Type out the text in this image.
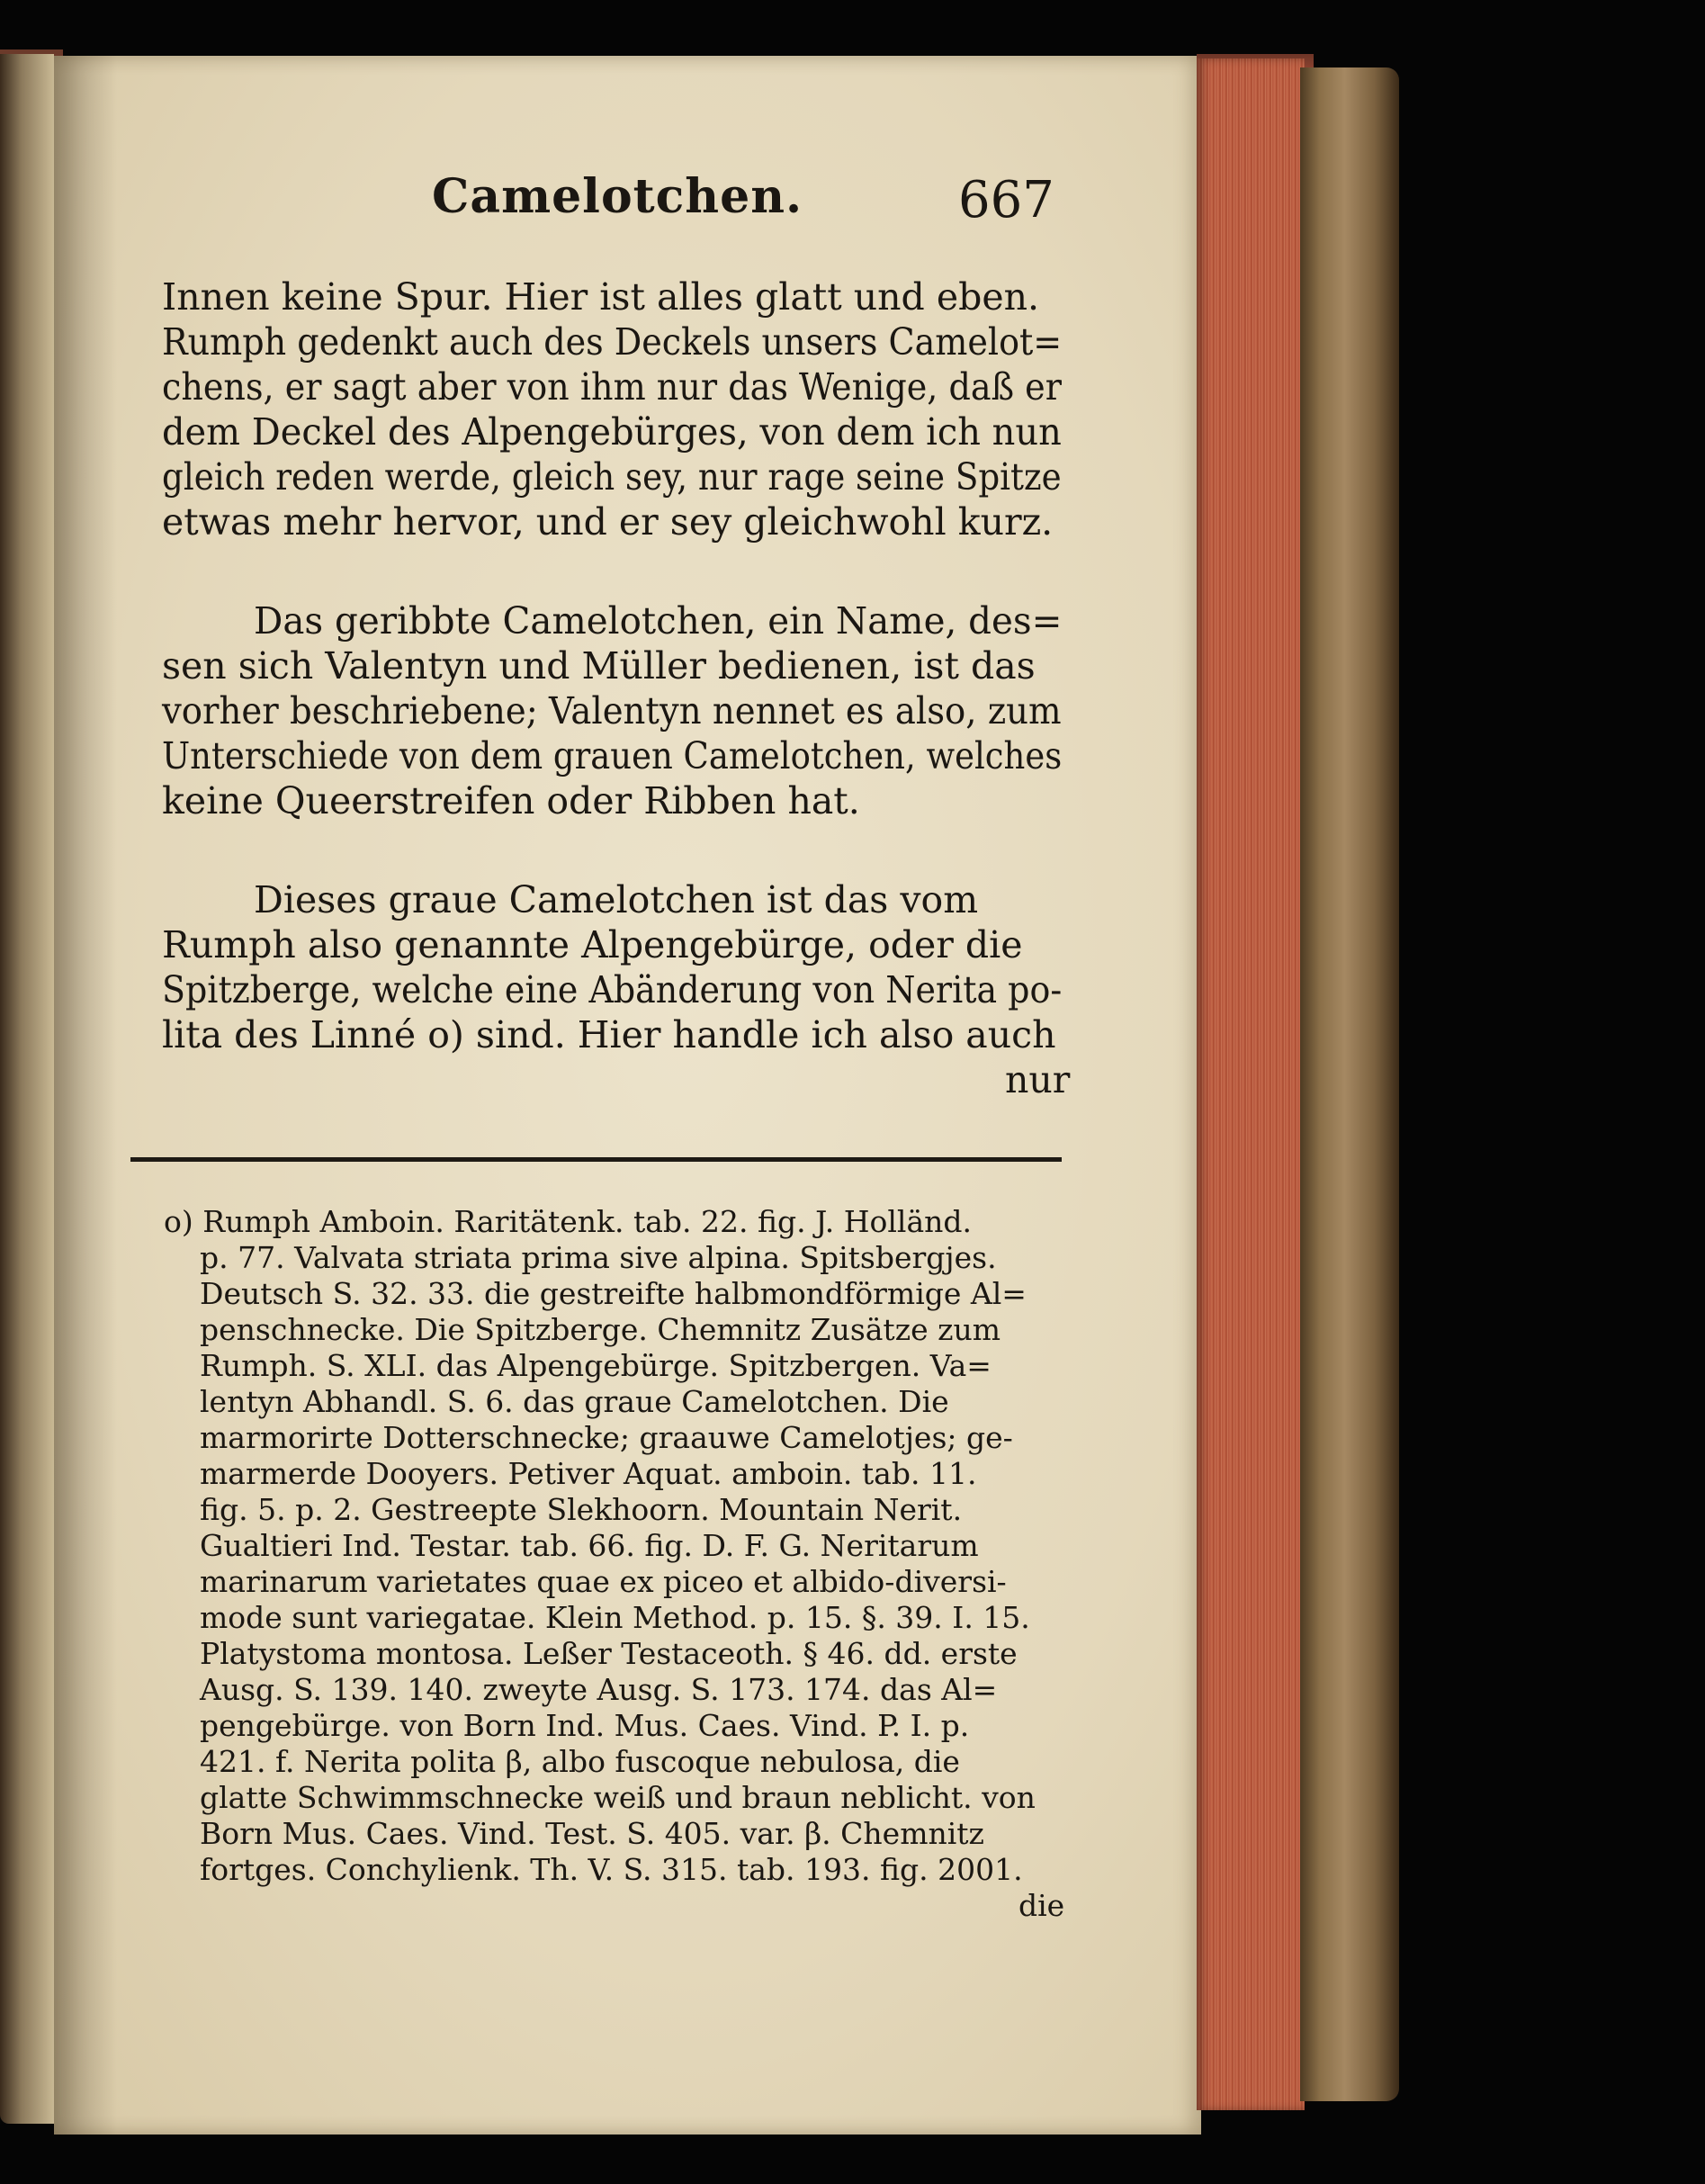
Camelotchen.	667
Innen keine Spur. Hier ist alles glatt und eben.
Rumph gedenkt auch des Deckels unsers Camelot=
chens, er sagt aber von ihm nur das Wenige, daß er
dem Deckel des Alpengebürges, von dem ich nun
gleich reden werde, gleich sey, nur rage seine Spitze
etwas mehr hervor, und er sey gleichwohl kurz.
Das geribbte Camelotchen, ein Name, des=
sen sich Valentyn und Müller bedienen, ist das
vorher beschriebene; Valentyn nennet es also, zum
Unterschiede von dem grauen Camelotchen, welches
keine Queerstreifen oder Ribben hat.
Dieses graue Camelotchen ist das vom
Rumph also genannte Alpengebürge, oder die
Spitzberge, welche eine Abänderung von Nerita po-
lita des Linné o) sind. Hier handle ich also auch
nur
o) Rumph Amboin. Raritätenk. tab. 22. fig. J. Holländ.
p. 77. Valvata striata prima sive alpina. Spitsbergjes.
Deutsch S. 32. 33. die gestreifte halbmondförmige Al=
penschnecke. Die Spitzberge. Chemnitz Zusätze zum
Rumph. S. XLI. das Alpengebürge. Spitzbergen. Va=
lentyn Abhandl. S. 6. das graue Camelotchen. Die
marmorirte Dotterschnecke; graauwe Camelotjes; ge-
marmerde Dooyers. Petiver Aquat. amboin. tab. 11.
fig. 5. p. 2. Gestreepte Slekhoorn. Mountain Nerit.
Gualtieri Ind. Testar. tab. 66. fig. D. F. G. Neritarum
marinarum varietates quae ex piceo et albido-diversi-
mode sunt variegatae. Klein Method. p. 15. §. 39. I. 15.
Platystoma montosa. Leßer Testaceoth. § 46. dd. erste
Ausg. S. 139. 140. zweyte Ausg. S. 173. 174. das Al=
pengebürge. von Born Ind. Mus. Caes. Vind. P. I. p.
421. f. Nerita polita β, albo fuscoque nebulosa, die
glatte Schwimmschnecke weiß und braun neblicht. von
Born Mus. Caes. Vind. Test. S. 405. var. β. Chemnitz
fortges. Conchylienk. Th. V. S. 315. tab. 193. fig. 2001.
die
